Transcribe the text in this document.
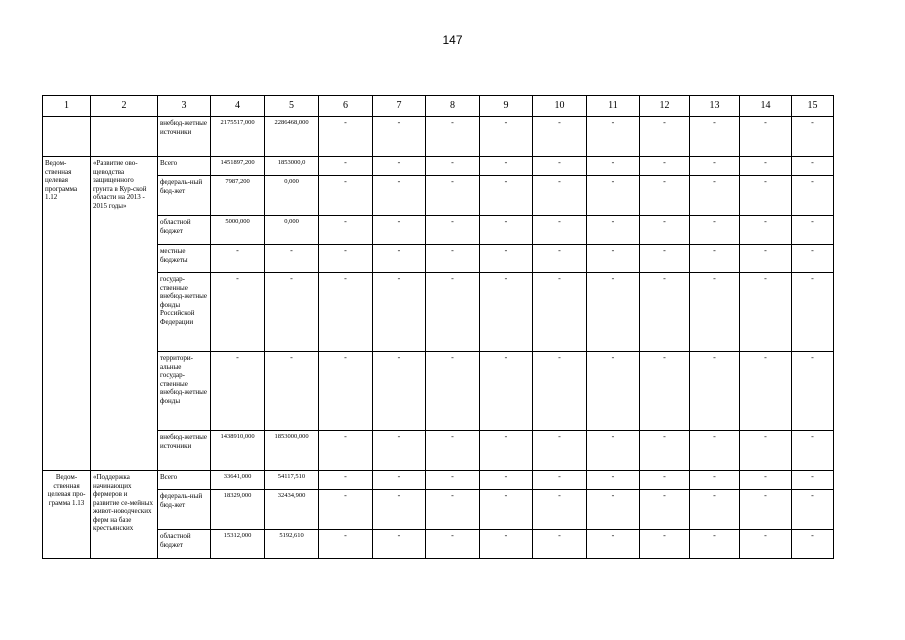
147
1	2	3	4	5	6	7	8	9	10	11	12	13	14	15
		внебюд-жетные источники	2175517,000	2286468,000	-	-	-	-	-	-	-	-	-	-
Ведом-ственная целевая программа 1.12	«Развитие ово-щеводства защищенного грунта в Кур-ской области на 2013 - 2015 годы»	Всего	1451897,200	1853000,0	-	-	-	-	-	-	-	-	-	-
		федераль-ный бюд-жет	7987,200	0,000	-	-	-	-	-	-	-	-	-	-
		областной бюджет	5000,000	0,000	-	-	-	-	-	-	-	-	-	-
		местные бюджеты	-	-	-	-	-	-	-	-	-	-	-	-
		государ-ственные внебюд-жетные фонды Российской Федерации	-	-	-	-	-	-	-	-	-	-	-	-
		территори-альные государ-ственные внебюд-жетные фонды	-	-	-	-	-	-	-	-	-	-	-	-
		внебюд-жетные источники	1438910,000	1853000,000	-	-	-	-	-	-	-	-	-	-
Ведом-ственная целевая про-грамма 1.13	«Поддержка начинающих фермеров и развитие се-мейных живот-новодческих ферм на базе крестьянских	Всего	33641,000	54117,510	-	-	-	-	-	-	-	-	-	-
		федераль-ный бюд-жет	18329,000	32434,900	-	-	-	-	-	-	-	-	-	-
		областной бюджет	15312,000	5192,610	-	-	-	-	-	-	-	-	-	-
